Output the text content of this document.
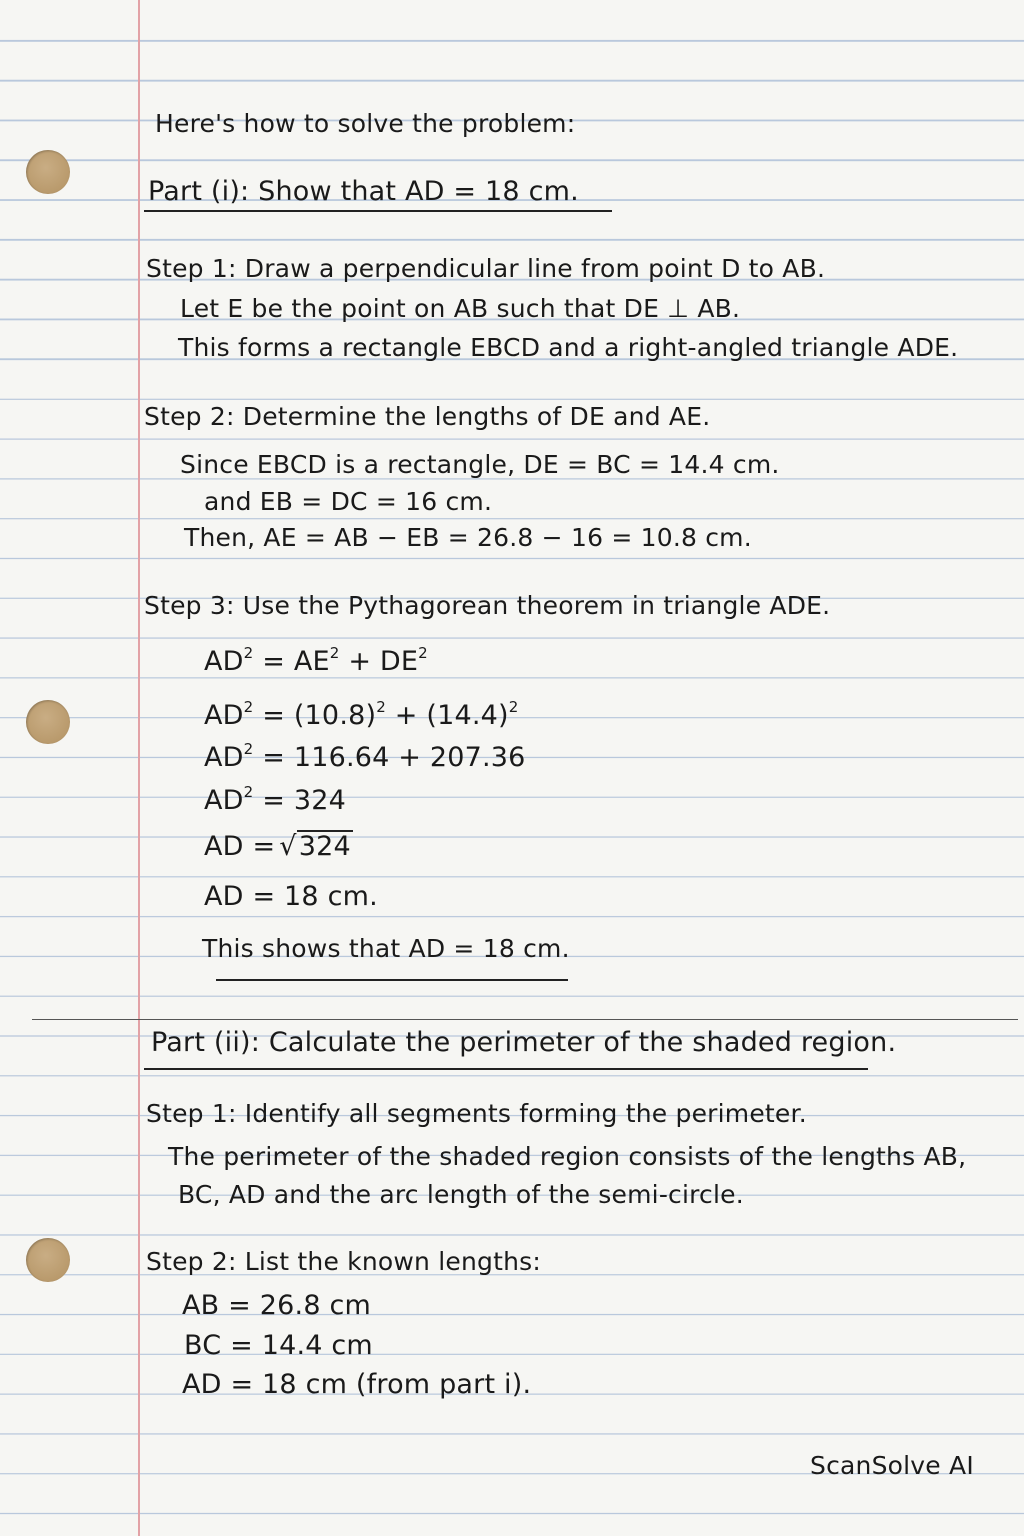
Here's how to solve the problem:
Part (i): Show that AD = 18 cm.
Step 1: Draw a perpendicular line from point D to AB.
Let E be the point on AB such that DE ⊥ AB.
This forms a rectangle EBCD and a right-angled triangle ADE.
Step 2: Determine the lengths of DE and AE.
Since EBCD is a rectangle, DE = BC = 14.4 cm.
and EB = DC = 16 cm.
Then, AE = AB − EB = 26.8 − 16 = 10.8 cm.
Step 3: Use the Pythagorean theorem in triangle ADE.
$AD^2 = AE^2 + DE^2$
$AD^2 = (10.8)^2 + (14.4)^2$
$AD^2 = 116.64 + 207.36$
$AD^2 = 324$
AD = √324
AD = 18 cm.
This shows that AD = 18 cm.
Part (ii): Calculate the perimeter of the shaded region.
Step 1: Identify all segments forming the perimeter.
The perimeter of the shaded region consists of the lengths AB,
BC, AD and the arc length of the semi-circle.
Step 2: List the known lengths:
AB = 26.8 cm
BC = 14.4 cm
AD = 18 cm (from part i).
ScanSolve AI
